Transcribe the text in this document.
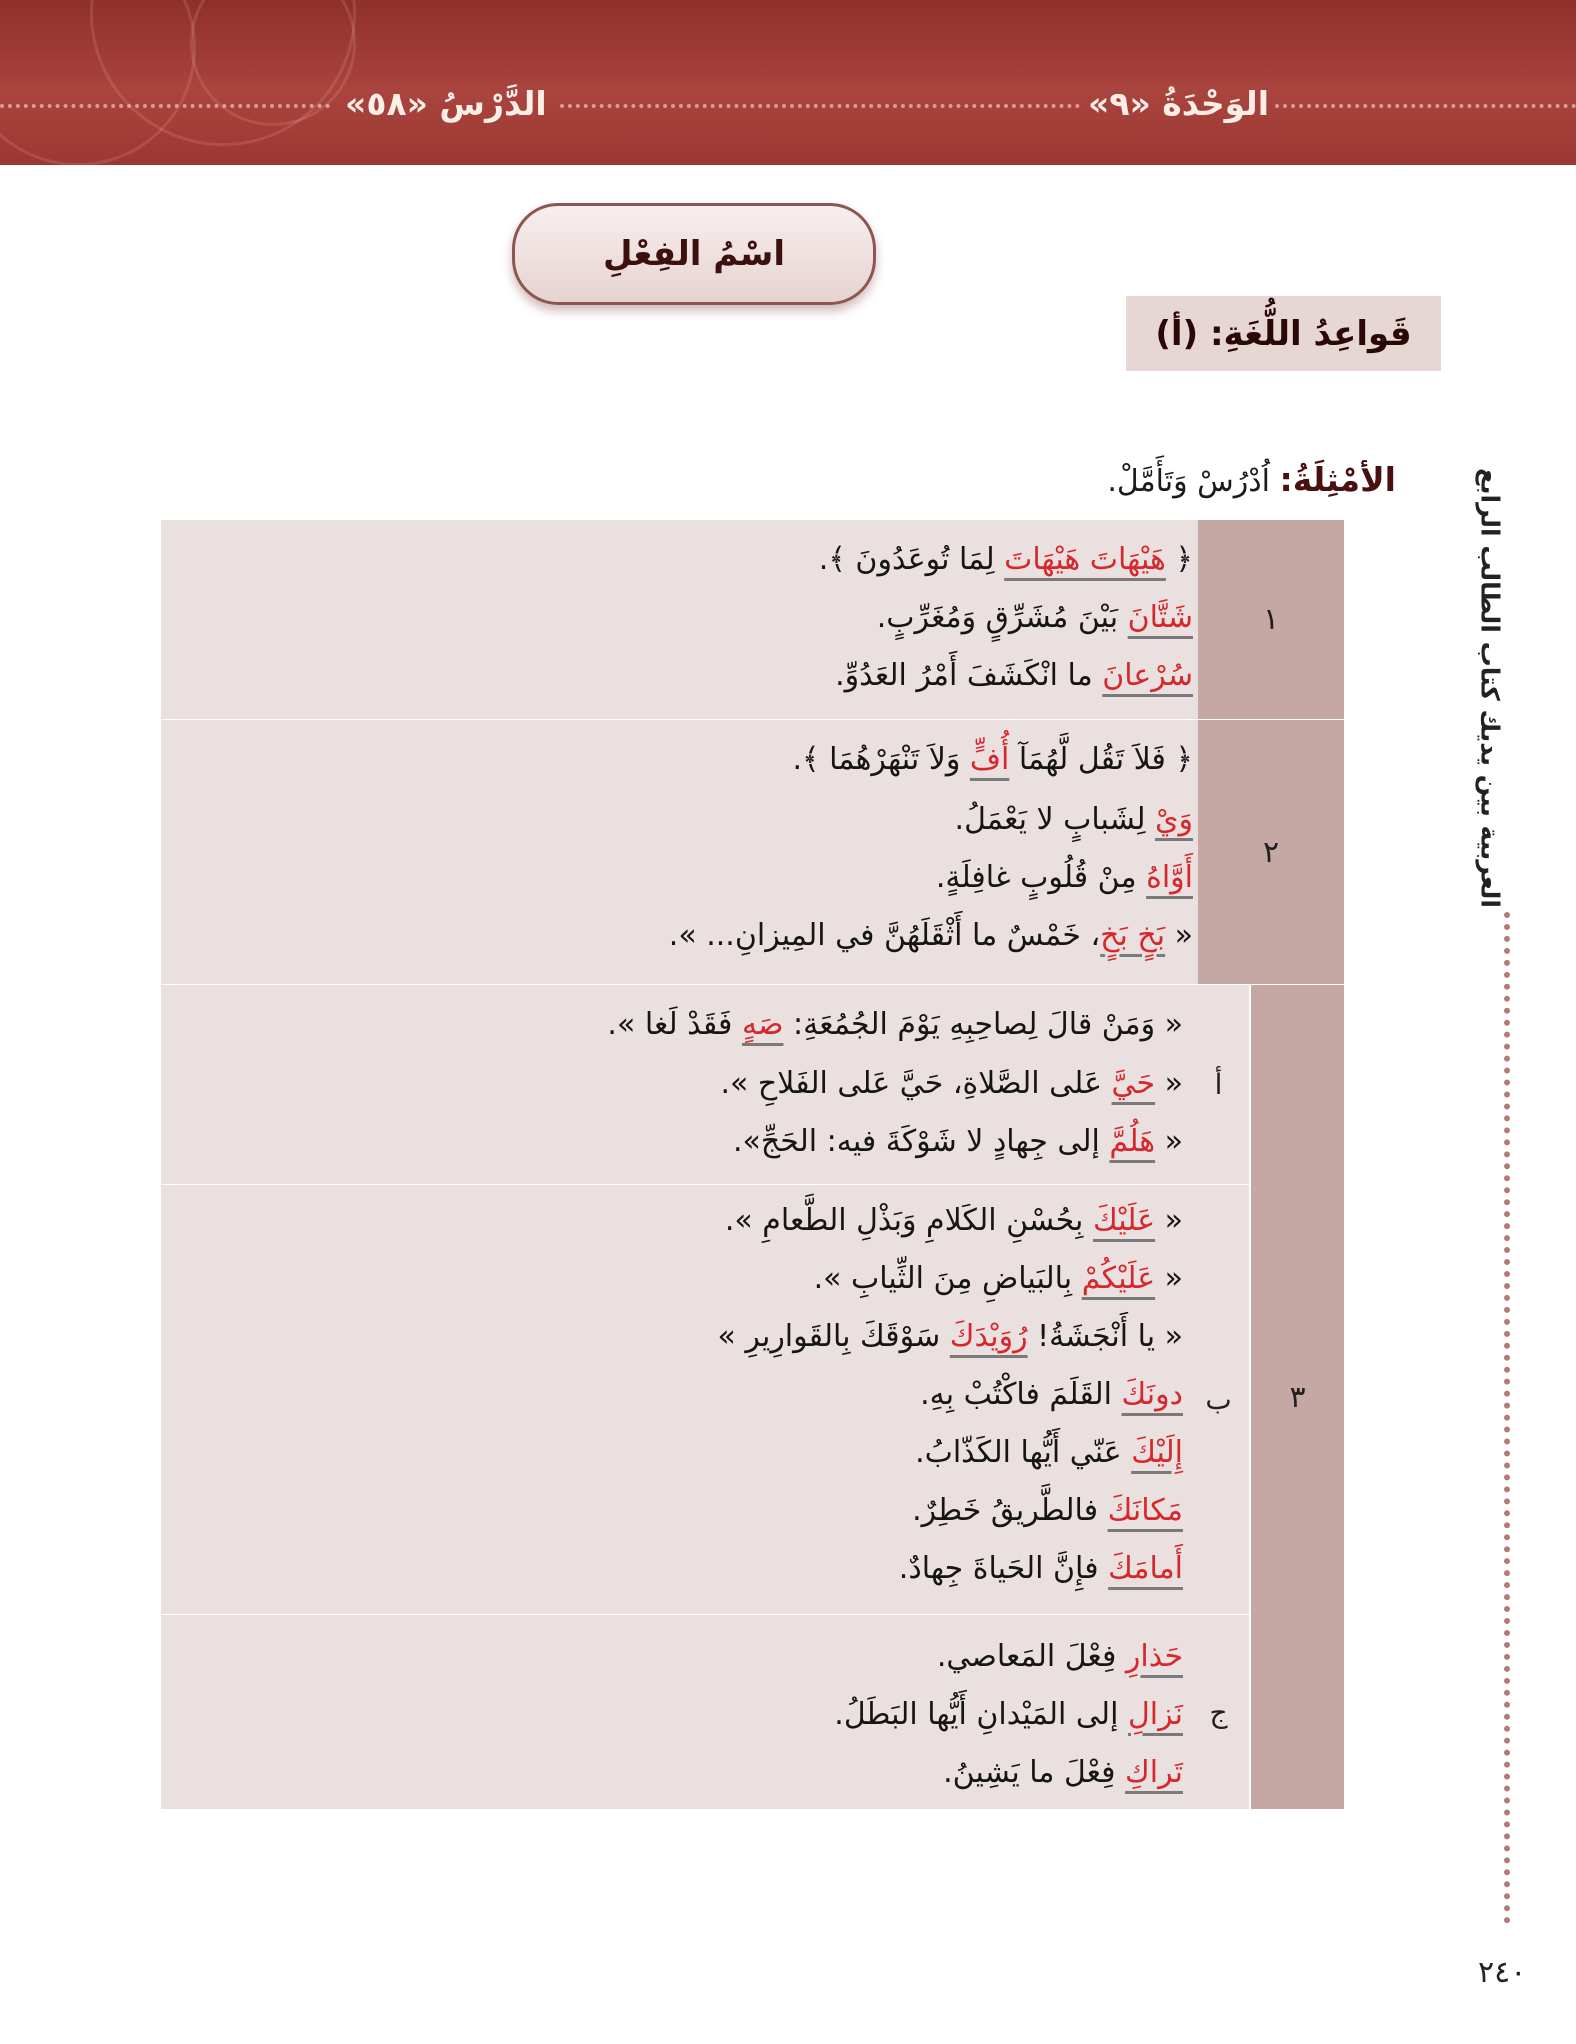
الدَّرْسُ «٥٨»	الوَحْدَةُ «٩»
اسْمُ الفِعْلِ
قَواعِدُ اللُّغَةِ: (أ)
الأمْثِلَةُ: اُدْرُسْ وَتَأَمَّلْ.	العربية بين يديك كتاب الطالب الرابع
﴿ هَيْهَاتَ هَيْهَاتَ لِمَا تُوعَدُونَ ﴾.
شَتَّانَ بَيْنَ مُشَرِّقٍ وَمُغَرِّبٍ.
سُرْعانَ ما انْكَشَفَ أَمْرُ العَدُوِّ.
١
﴿ فَلاَ تَقُل لَّهُمَآ أُفٍّ وَلاَ تَنْهَرْهُمَا ﴾.
وَيْ لِشَبابٍ لا يَعْمَلُ.
أَوَّاهُ مِنْ قُلُوبٍ غافِلَةٍ.
« بَخٍ بَخٍ، خَمْسٌ ما أَثْقَلَهُنَّ في المِيزانِ... ».
٢
« وَمَنْ قالَ لِصاحِبِهِ يَوْمَ الجُمُعَةِ: صَهٍ فَقَدْ لَغا ».
« حَيَّ عَلى الصَّلاةِ، حَيَّ عَلى الفَلاحِ ».
« هَلُمَّ إلى جِهادٍ لا شَوْكَةَ فيه: الحَجِّ».
أ
« عَلَيْكَ بِحُسْنِ الكَلامِ وَبَذْلِ الطَّعامِ ».
« عَلَيْكُمْ بِالبَياضِ مِنَ الثِّيابِ ».
« يا أَنْجَشَةُ! رُوَيْدَكَ سَوْقَكَ بِالقَوارِيرِ »
دونَكَ القَلَمَ فاكْتُبْ بِهِ.
إِلَيْكَ عَنّي أَيُّها الكَذّابُ.
مَكانَكَ فالطَّريقُ خَطِرٌ.
أَمامَكَ فإِنَّ الحَياةَ جِهادٌ.
ب
حَذارِ فِعْلَ المَعاصي.
نَزالِ إلى المَيْدانِ أَيُّها البَطَلُ.
تَراكِ فِعْلَ ما يَشِينُ.
ج
٣
٢٤٠
